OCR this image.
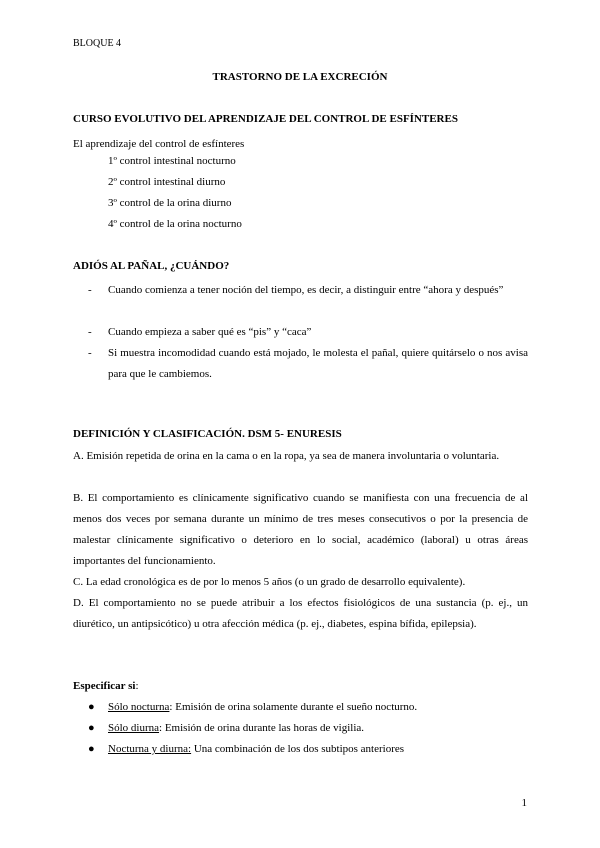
BLOQUE 4
TRASTORNO DE LA EXCRECIÓN
CURSO EVOLUTIVO DEL APRENDIZAJE DEL CONTROL DE ESFÍNTERES
El aprendizaje del control de esfínteres
1º control intestinal nocturno
2º control intestinal diurno
3º control de la orina diurno
4º control de la orina nocturno
ADIÓS AL PAÑAL, ¿CUÁNDO?
- Cuando comienza a tener noción del tiempo, es decir, a distinguir entre “ahora y después”
- Cuando empieza a saber qué es “pis” y “caca”
- Si muestra incomodidad cuando está mojado, le molesta el pañal, quiere quitárselo o nos avisa para que le cambiemos.
DEFINICIÓN Y CLASIFICACIÓN. DSM 5- ENURESIS
A. Emisión repetida de orina en la cama o en la ropa, ya sea de manera involuntaria o voluntaria.
B. El comportamiento es clínicamente significativo cuando se manifiesta con una frecuencia de al menos dos veces por semana durante un mínimo de tres meses consecutivos o por la presencia de malestar clínicamente significativo o deterioro en lo social, académico (laboral) u otras áreas importantes del funcionamiento.
C. La edad cronológica es de por lo menos 5 años (o un grado de desarrollo equivalente).
D. El comportamiento no se puede atribuir a los efectos fisiológicos de una sustancia (p. ej., un diurético, un antipsicótico) u otra afección médica (p. ej., diabetes, espina bífida, epilepsia).
Especificar si:
● Sólo nocturna: Emisión de orina solamente durante el sueño nocturno.
● Sólo diurna: Emisión de orina durante las horas de vigilia.
● Nocturna y diurna: Una combinación de los dos subtipos anteriores
1
